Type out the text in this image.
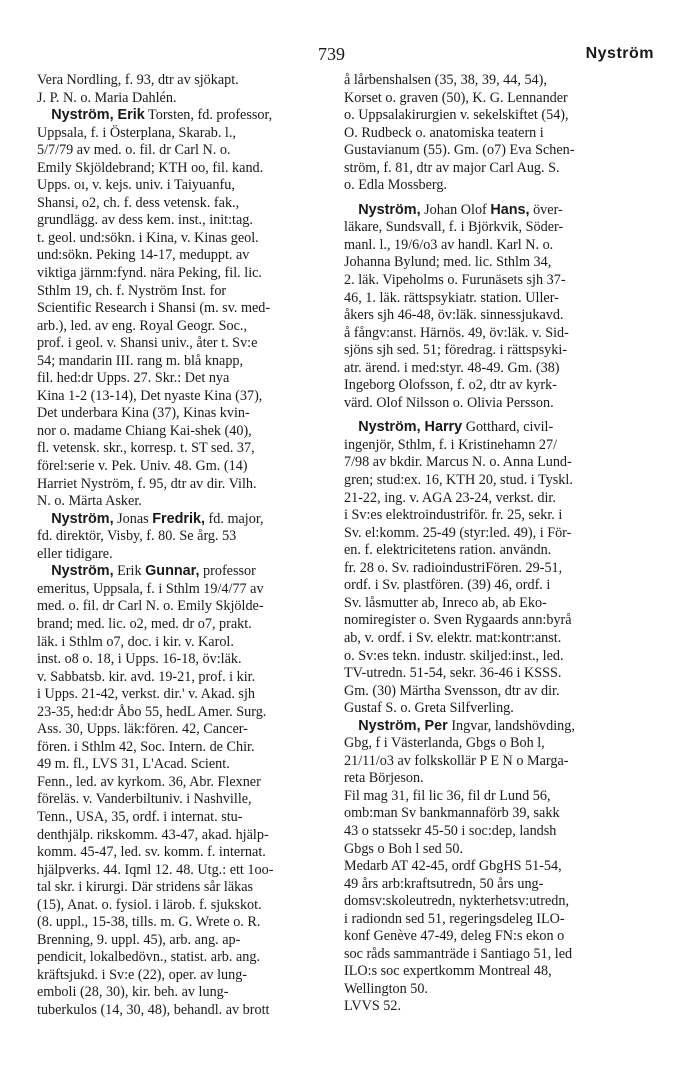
739	Nyström
Vera Nordling, f. 93, dtr av sjökapt.
J. P. N. o. Maria Dahlén.
 Nyström, Erik Torsten, fd. professor,
Uppsala, f. i Österplana, Skarab. l.,
5/7/79 av med. o. fil. dr Carl N. o.
Emily Skjöldebrand; KTH oo, fil. kand.
Upps. oı, v. kejs. univ. i Taiyuanfu,
Shansi, o2, ch. f. dess vetensk. fak.,
grundlägg. av dess kem. inst., init:tag.
t. geol. und:sökn. i Kina, v. Kinas geol.
und:sökn. Peking 14-17, meduppt. av
viktiga järnm:fynd. nära Peking, fil. lic.
Sthlm 19, ch. f. Nyström Inst. for
Scientific Research i Shansi (m. sv. med-
arb.), led. av eng. Royal Geogr. Soc.,
prof. i geol. v. Shansi univ., åter t. Sv:e
54; mandarin III. rang m. blå knapp,
fil. hed:dr Upps. 27. Skr.: Det nya
Kina 1-2 (13-14), Det nyaste Kina (37),
Det underbara Kina (37), Kinas kvin-
nor o. madame Chiang Kai-shek (40),
fl. vetensk. skr., korresp. t. ST sed. 37,
förel:serie v. Pek. Univ. 48. Gm. (14)
Harriet Nyström, f. 95, dtr av dir. Vilh.
N. o. Märta Asker.
 Nyström, Jonas Fredrik, fd. major,
fd. direktör, Visby, f. 80. Se årg. 53
eller tidigare.
 Nyström, Erik Gunnar, professor
emeritus, Uppsala, f. i Sthlm 19/4/77 av
med. o. fil. dr Carl N. o. Emily Skjölde-
brand; med. lic. o2, med. dr o7, prakt.
läk. i Sthlm o7, doc. i kir. v. Karol.
inst. o8 o. 18, i Upps. 16-18, öv:läk.
v. Sabbatsb. kir. avd. 19-21, prof. i kir.
i Upps. 21-42, verkst. dir.' v. Akad. sjh
23-35, hed:dr Åbo 55, hedL Amer. Surg.
Ass. 30, Upps. läk:fören. 42, Cancer-
fören. i Sthlm 42, Soc. Intern. de Chir.
49 m. fl., LVS 31, L'Acad. Scient.
Fenn., led. av kyrkom. 36, Abr. Flexner
föreläs. v. Vanderbiltuniv. i Nashville,
Tenn., USA, 35, ordf. i internat. stu-
denthjälp. rikskomm. 43-47, akad. hjälp-
komm. 45-47, led. sv. komm. f. internat.
hjälpverks. 44. Iqml 12. 48. Utg.: ett 1oo-
tal skr. i kirurgi. Där stridens sår läkas
(15), Anat. o. fysiol. i lärob. f. sjukskot.
(8. uppl., 15-38, tills. m. G. Wrete o. R.
Brenning, 9. uppl. 45), arb. ang. ap-
pendicit, lokalbedövn., statist. arb. ang.
kräftsjukd. i Sv:e (22), oper. av lung-
emboli (28, 30), kir. beh. av lung-
tuberkulos (14, 30, 48), behandl. av brott
å lårbenshalsen (35, 38, 39, 44, 54),
Korset o. graven (50), K. G. Lennander
o. Uppsalakirurgien v. sekelskiftet (54),
O. Rudbeck o. anatomiska teatern i
Gustavianum (55). Gm. (o7) Eva Schen-
ström, f. 81, dtr av major Carl Aug. S.
o. Edla Mossberg.
 Nyström, Johan Olof Hans, över-
läkare, Sundsvall, f. i Björkvik, Söder-
manl. l., 19/6/o3 av handl. Karl N. o.
Johanna Bylund; med. lic. Sthlm 34,
2. läk. Vipeholms o. Furunäsets sjh 37-
46, 1. läk. rättspsykiatr. station. Uller-
åkers sjh 46-48, öv:läk. sinnessjukavd.
å fångv:anst. Härnös. 49, öv:läk. v. Sid-
sjöns sjh sed. 51; föredrag. i rättspsyki-
atr. ärend. i med:styr. 48-49. Gm. (38)
Ingeborg Olofsson, f. o2, dtr av kyrk-
värd. Olof Nilsson o. Olivia Persson.
 Nyström, Harry Gotthard, civil-
ingenjör, Sthlm, f. i Kristinehamn 27/
7/98 av bkdir. Marcus N. o. Anna Lund-
gren; stud:ex. 16, KTH 20, stud. i Tyskl.
21-22, ing. v. AGA 23-24, verkst. dir.
i Sv:es elektroindustriför. fr. 25, sekr. i
Sv. el:komm. 25-49 (styr:led. 49), i För-
en. f. elektricitetens ration. användn.
fr. 28 o. Sv. radioindustriFören. 29-51,
ordf. i Sv. plastfören. (39) 46, ordf. i
Sv. låsmutter ab, Inreco ab, ab Eko-
nomiregister o. Sven Rygaards ann:byrå
ab, v. ordf. i Sv. elektr. mat:kontr:anst.
o. Sv:es tekn. industr. skiljed:inst., led.
TV-utredn. 51-54, sekr. 36-46 i KSSS.
Gm. (30) Märtha Svensson, dtr av dir.
Gustaf S. o. Greta Silfverling.
 Nyström, Per Ingvar, landshövding,
Gbg, f i Västerlanda, Gbgs o Boh l,
21/11/o3 av folkskollär P E N o Marga-
reta Börjeson.
Fil mag 31, fil lic 36, fil dr Lund 56,
omb:man Sv bankmannaförb 39, sakk
43 o statssekr 45-50 i soc:dep, landsh
Gbgs o Boh l sed 50.
Medarb AT 42-45, ordf GbgHS 51-54,
49 års arb:kraftsutredn, 50 års ung-
domsv:skoleutredn, nykterhetsv:utredn,
i radiondn sed 51, regeringsdeleg ILO-
konf Genève 47-49, deleg FN:s ekon o
soc råds sammanträde i Santiago 51, led
ILO:s soc expertkomm Montreal 48,
Wellington 50.
LVVS 52.
